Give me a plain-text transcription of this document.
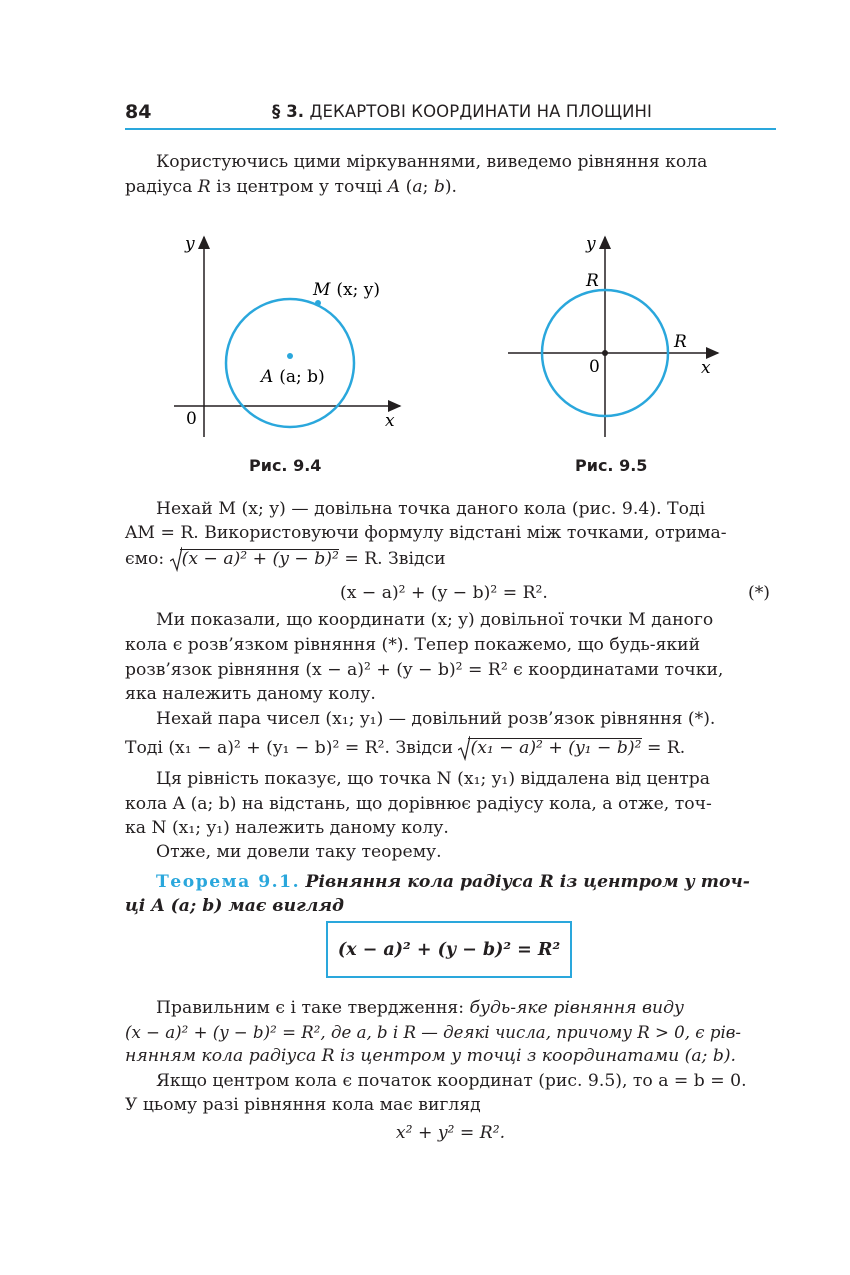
84	§ 3. ДЕКАРТОВІ КООРДИНАТИ НА ПЛОЩИНІ
Користуючись цими міркуваннями, виведемо рівняння кола
радіуса R із центром у точці A (a; b).
y
x
0
M (x; y)
A (a; b)
Рис. 9.4
y
x
0
R
R
Рис. 9.5
Нехай M (x; y) — довільна точка даного кола (рис. 9.4). Тоді
AM = R. Використовуючи формулу відстані між точками, отрима-
ємо: (x − a)² + (y − b)² = R. Звідси
(x − a)² + (y − b)² = R².	(*)
Ми показали, що координати (x; y) довільної точки M даного
кола є розв’язком рівняння (*). Тепер покажемо, що будь-який
розв’язок рівняння (x − a)² + (y − b)² = R² є координатами точки,
яка належить даному колу.
Нехай пара чисел (x₁; y₁) — довільний розв’язок рівняння (*).
Тоді (x₁ − a)² + (y₁ − b)² = R². Звідси (x₁ − a)² + (y₁ − b)² = R.
Ця рівність показує, що точка N (x₁; y₁) віддалена від центра
кола A (a; b) на відстань, що дорівнює радіусу кола, а отже, точ-
ка N (x₁; y₁) належить даному колу.
Отже, ми довели таку теорему.
Теорема 9.1. Рівняння кола радіуса R із центром у точ-
ці A (a; b) має вигляд
(x − a)² + (y − b)² = R²
Правильним є і таке твердження: будь-яке рівняння виду
(x − a)² + (y − b)² = R², де a, b і R — деякі числа, причому R > 0, є рів-
нянням кола радіуса R із центром у точці з координатами (a; b).
Якщо центром кола є початок координат (рис. 9.5), то a = b = 0.
У цьому разі рівняння кола має вигляд
x² + y² = R².
